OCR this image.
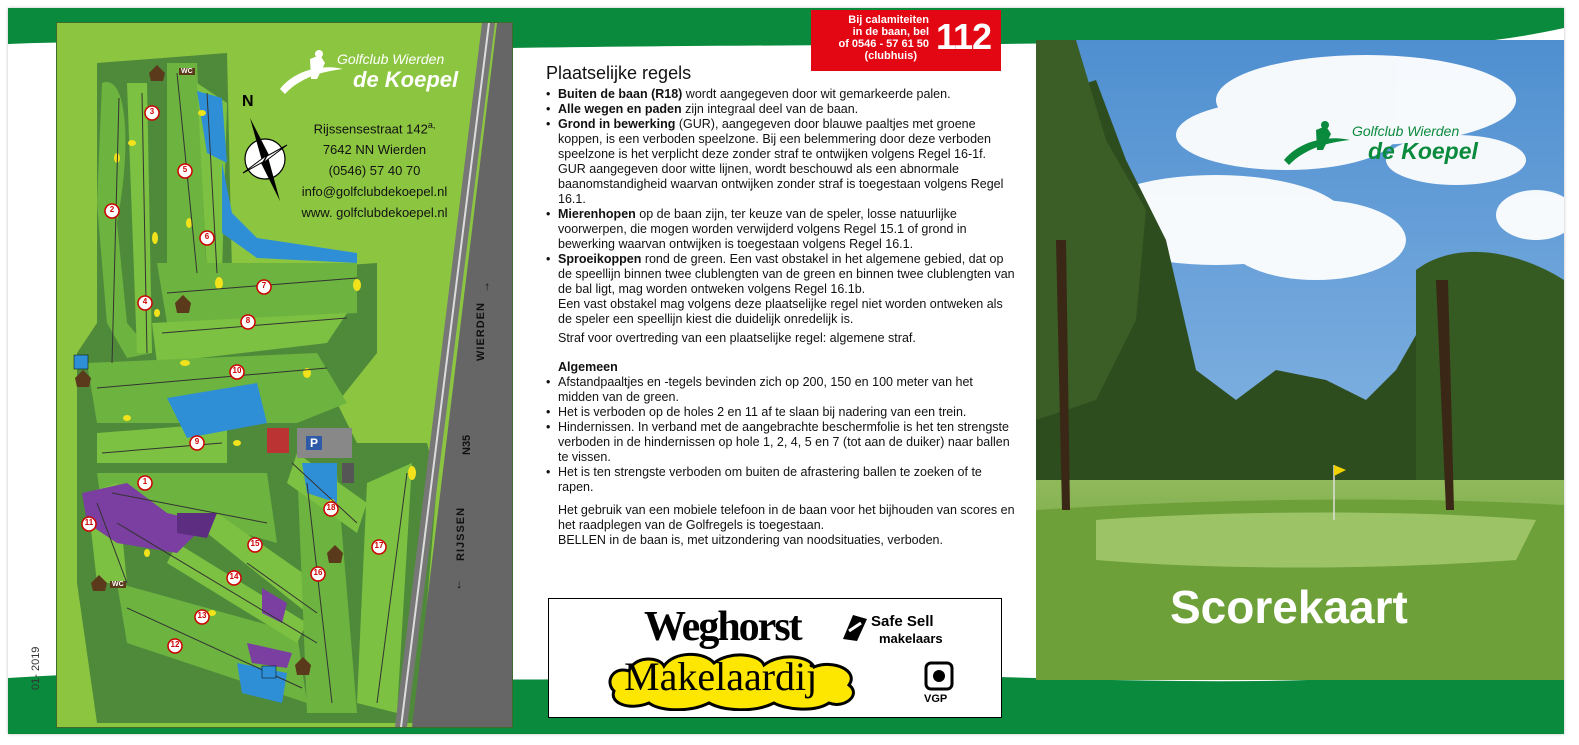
01- 2019
N
WC
WC
P
WIERDEN
→
N35
RIJSSEN
←
1
2
3
4
5
6
7
8
9
10
11
12
13
14
15
16
17
18
Golfclub Wierden
de Koepel
Rijssensestraat $142^{a,}$
7642 NN Wierden
(0546) 57 40 70
info@golfclubdekoepel.nl
www. golfclubdekoepel.nl
Bij calamiteiten
in de baan, bel
of 0546 - 57 61 50
(clubhuis) 112
Plaatselijke regels
• Buiten de baan (R18) wordt aangegeven door wit gemarkeerde palen.
• Alle wegen en paden zijn integraal deel van de baan.
• Grond in bewerking (GUR), aangegeven door blauwe paaltjes met groene koppen, is een verboden speelzone. Bij een belemmering door deze verboden speelzone is het verplicht deze zonder straf te ontwijken volgens Regel 16-1f.
GUR aangegeven door witte lijnen, wordt beschouwd als een abnormale baanomstandigheid waarvan ontwijken zonder straf is toegestaan volgens Regel 16.1.
• Mierenhopen op de baan zijn, ter keuze van de speler, losse natuurlijke voorwerpen, die mogen worden verwijderd volgens Regel 15.1 of grond in bewerking waarvan ontwijken is toegestaan volgens Regel 16.1.
• Sproeikoppen rond de green. Een vast obstakel in het algemene gebied, dat op de speellijn binnen twee clublengten van de green en binnen twee clublengten van de bal ligt, mag worden ontweken volgens Regel 16.1b.
Een vast obstakel mag volgens deze plaatselijke regel niet worden ontweken als de speler een speellijn kiest die duidelijk onredelijk is.
Straf voor overtreding van een plaatselijke regel: algemene straf.
Algemeen
• Afstandpaaltjes en -tegels bevinden zich op 200, 150 en 100 meter van het midden van de green.
• Het is verboden op de holes 2 en 11 af te slaan bij nadering van een trein.
• Hindernissen. In verband met de aangebrachte beschermfolie is het ten strengste verboden in de hindernissen op hole 1, 2, 4, 5 en 7 (tot aan de duiker) naar ballen te vissen.
• Het is ten strengste verboden om buiten de afrastering ballen te zoeken of te rapen.
Het gebruik van een mobiele telefoon in de baan voor het bijhouden van scores en het raadplegen van de Golfregels is toegestaan.
BELLEN in de baan is, met uitzondering van noodsituaties, verboden.
Weghorst
Makelaardij
Safe Sell
makelaars
VGP
Golfclub Wierden
de Koepel
Scorekaart
